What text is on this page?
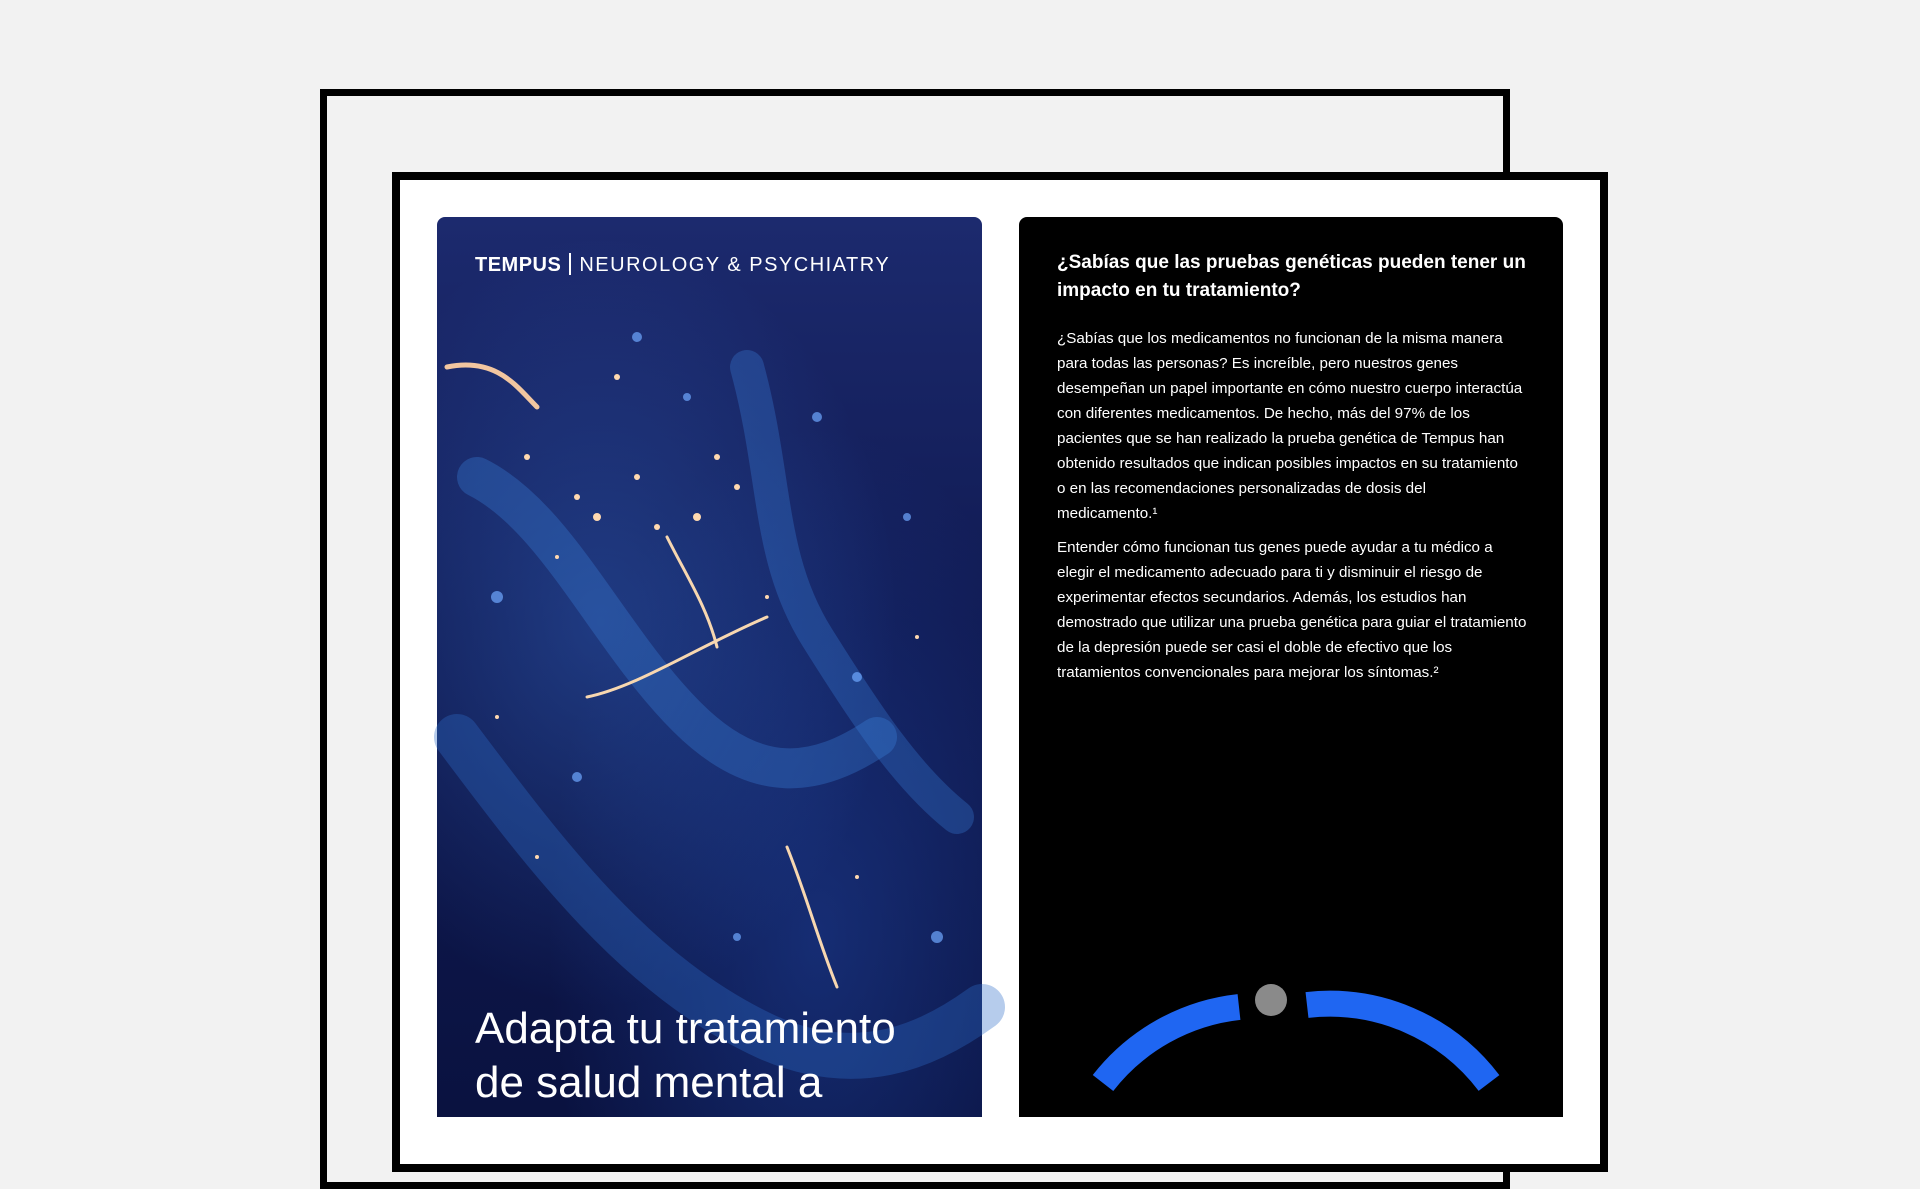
TEMPUS NEUROLOGY & PSYCHIATRY
Adapta tu tratamiento de salud mental a
¿Sabías que las pruebas genéticas pueden tener un impacto en tu tratamiento?

¿Sabías que los medicamentos no funcionan de la misma manera para todas las personas? Es increíble, pero nuestros genes desempeñan un papel importante en cómo nuestro cuerpo interactúa con diferentes medicamentos. De hecho, más del 97% de los pacientes que se han realizado la prueba genética de Tempus han obtenido resultados que indican posibles impactos en su tratamiento o en las recomendaciones personalizadas de dosis del medicamento.¹

Entender cómo funcionan tus genes puede ayudar a tu médico a elegir el medicamento adecuado para ti y disminuir el riesgo de experimentar efectos secundarios. Además, los estudios han demostrado que utilizar una prueba genética para guiar el tratamiento de la depresión puede ser casi el doble de efectivo que los tratamientos convencionales para mejorar los síntomas.²
